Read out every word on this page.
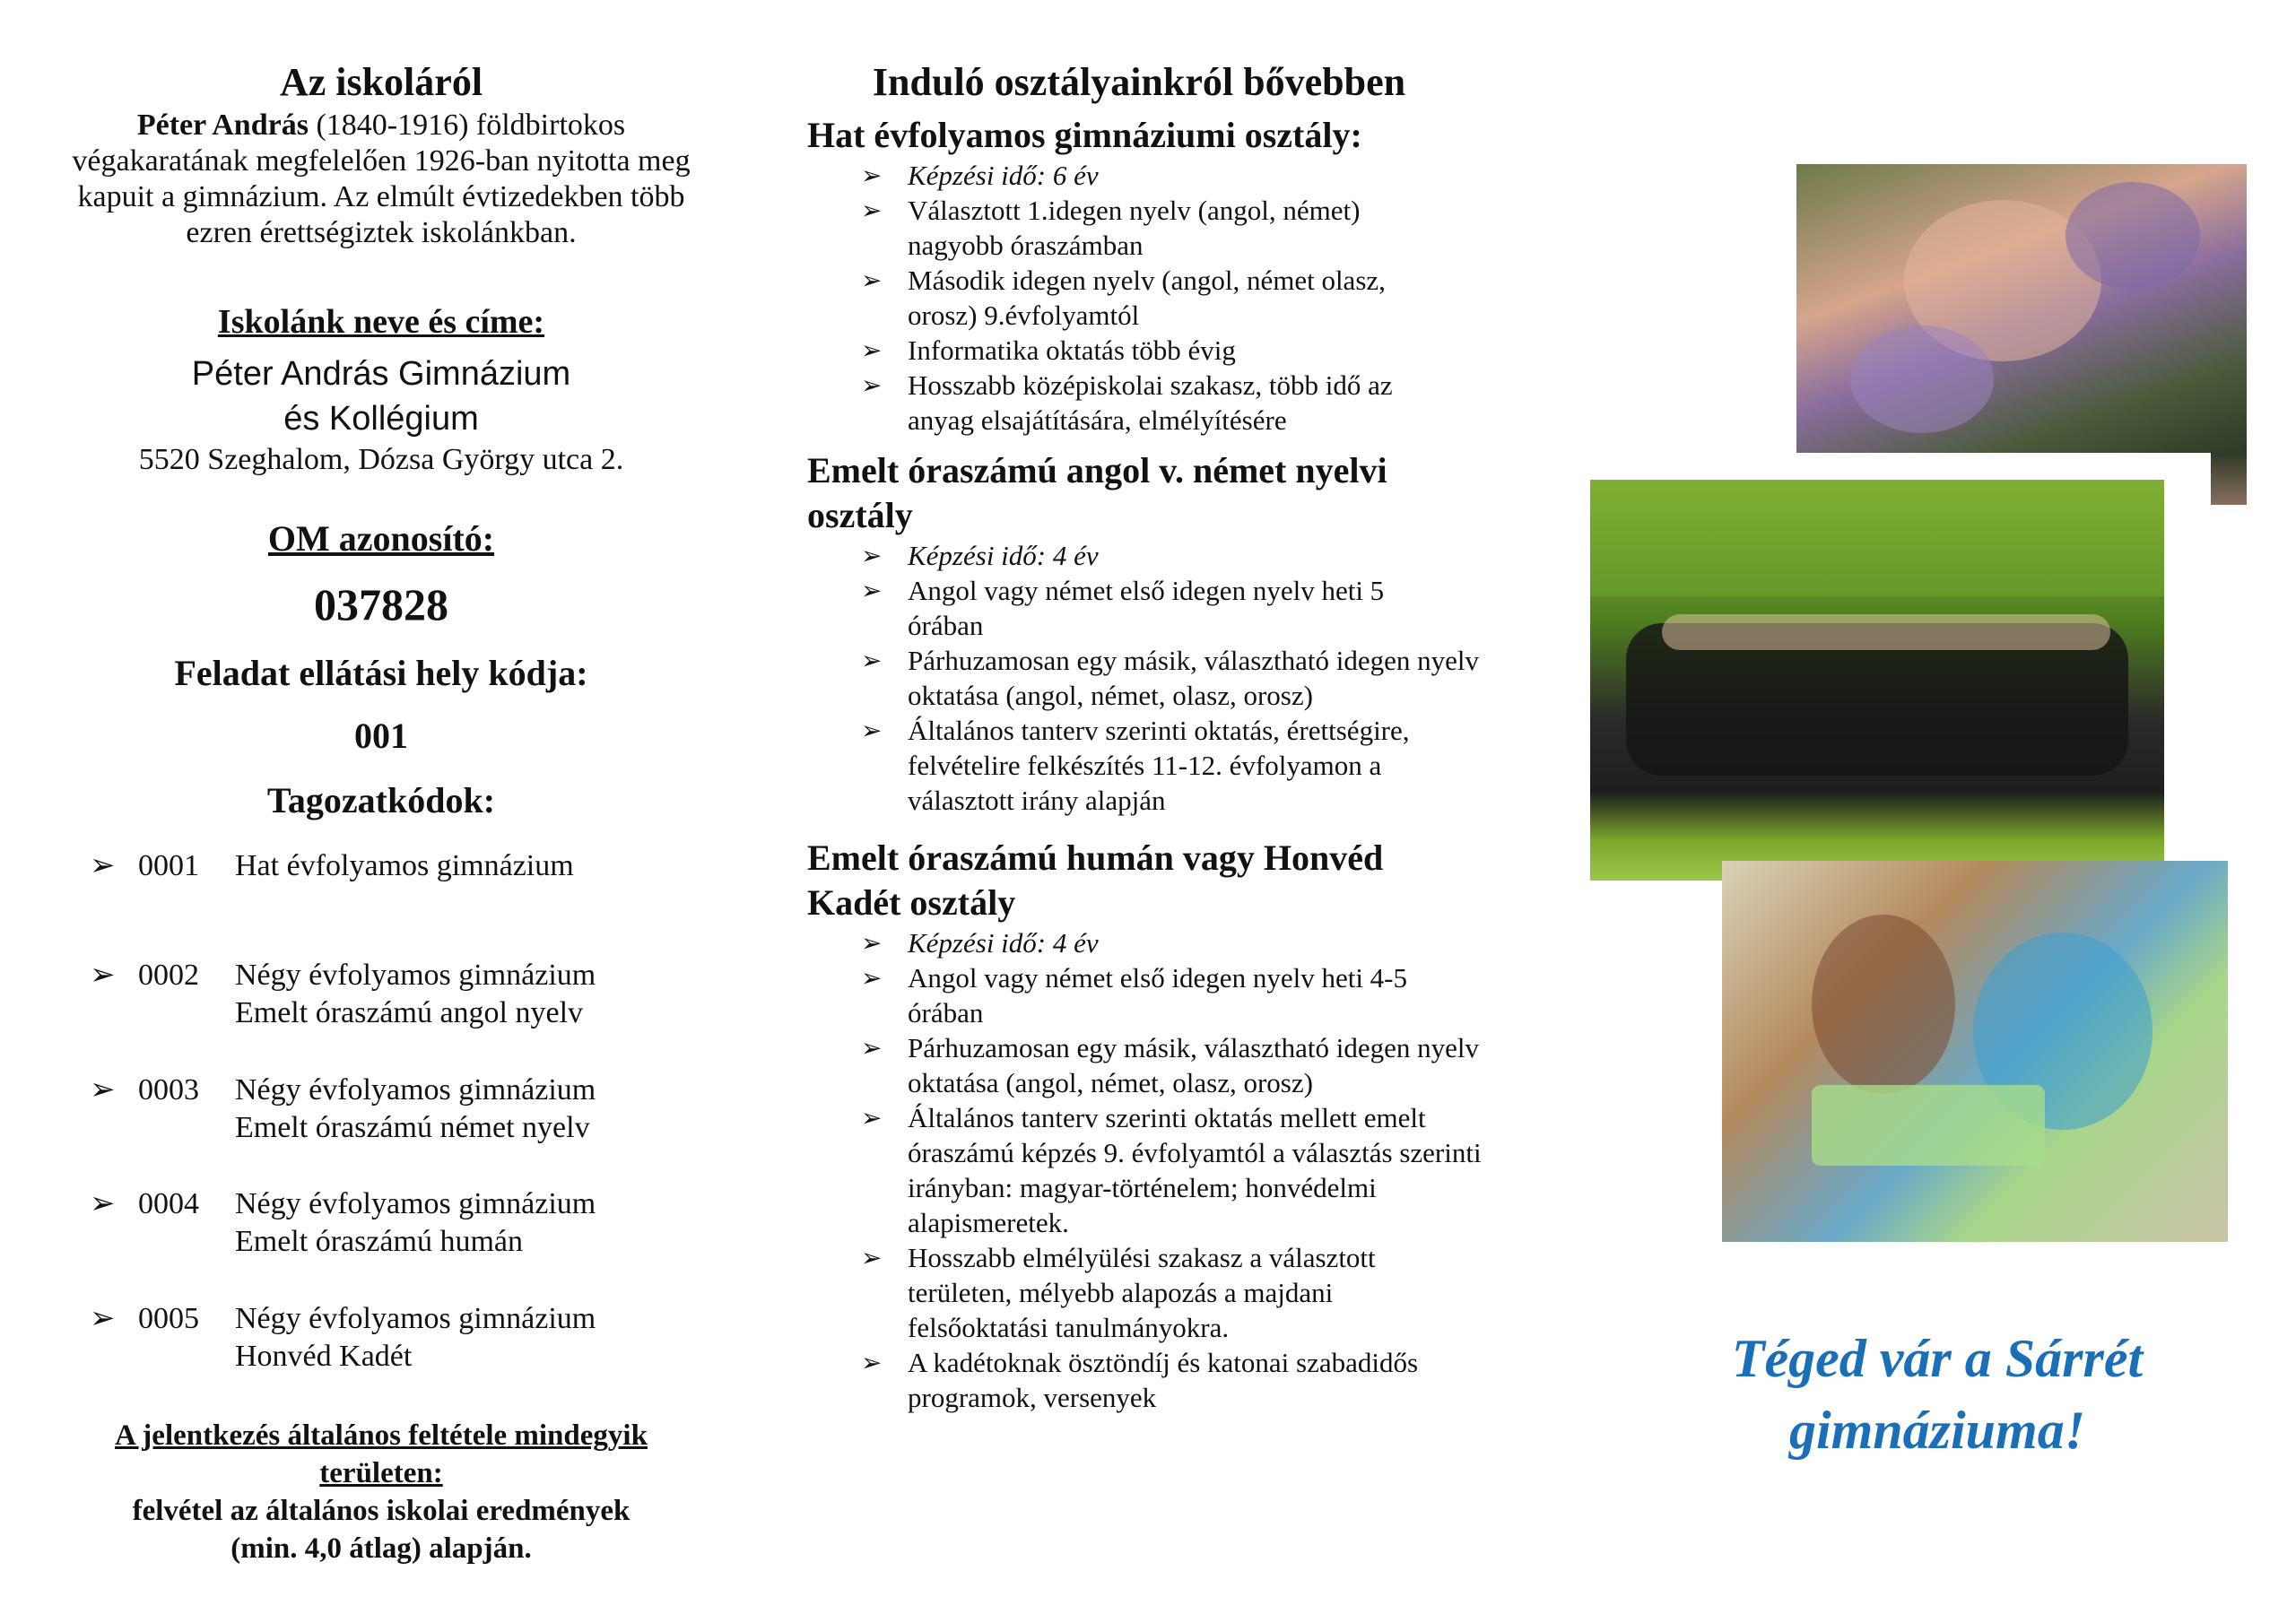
Az iskoláról
Péter András (1840-1916) földbirtokos
végakaratának megfelelően 1926-ban nyitotta meg
kapuit a gimnázium. Az elmúlt évtizedekben több
ezren érettségiztek iskolánkban.
Iskolánk neve és címe:
Péter András Gimnázium
és Kollégium
5520 Szeghalom, Dózsa György utca 2.
OM azonosító:
037828
Feladat ellátási hely kódja:
001
Tagozatkódok:
➢ 0001	Hat évfolyamos gimnázium
➢ 0002	Négy évfolyamos gimnázium
Emelt óraszámú angol nyelv
➢ 0003	Négy évfolyamos gimnázium
Emelt óraszámú német nyelv
➢ 0004	Négy évfolyamos gimnázium
Emelt óraszámú humán
➢ 0005	Négy évfolyamos gimnázium
Honvéd Kadét
A jelentkezés általános feltétele mindegyik
területen:
felvétel az általános iskolai eredmények
(min. 4,0 átlag) alapján.
Induló osztályainkról bővebben
Hat évfolyamos gimnáziumi osztály:
➢ Képzési idő: 6 év
➢ Választott 1.idegen nyelv (angol, német) nagyobb óraszámban
➢ Második idegen nyelv (angol, német olasz, orosz) 9.évfolyamtól
➢ Informatika oktatás több évig
➢ Hosszabb középiskolai szakasz, több idő az anyag elsajátítására, elmélyítésére
Emelt óraszámú angol v. német nyelvi osztály
➢ Képzési idő: 4 év
➢ Angol vagy német első idegen nyelv heti 5 órában
➢ Párhuzamosan egy másik, választható idegen nyelv oktatása (angol, német, olasz, orosz)
➢ Általános tanterv szerinti oktatás, érettségire, felvételire felkészítés 11-12. évfolyamon a választott irány alapján
Emelt óraszámú humán vagy Honvéd Kadét osztály
➢ Képzési idő: 4 év
➢ Angol vagy német első idegen nyelv heti 4-5 órában
➢ Párhuzamosan egy másik, választható idegen nyelv oktatása (angol, német, olasz, orosz)
➢ Általános tanterv szerinti oktatás mellett emelt óraszámú képzés 9. évfolyamtól a választás szerinti irányban: magyar-történelem; honvédelmi alapismeretek.
➢ Hosszabb elmélyülési szakasz a választott területen, mélyebb alapozás a majdani felsőoktatási tanulmányokra.
➢ A kadétoknak ösztöndíj és katonai szabadidős programok, versenyek
Téged vár a Sárrét
gimnáziuma!
